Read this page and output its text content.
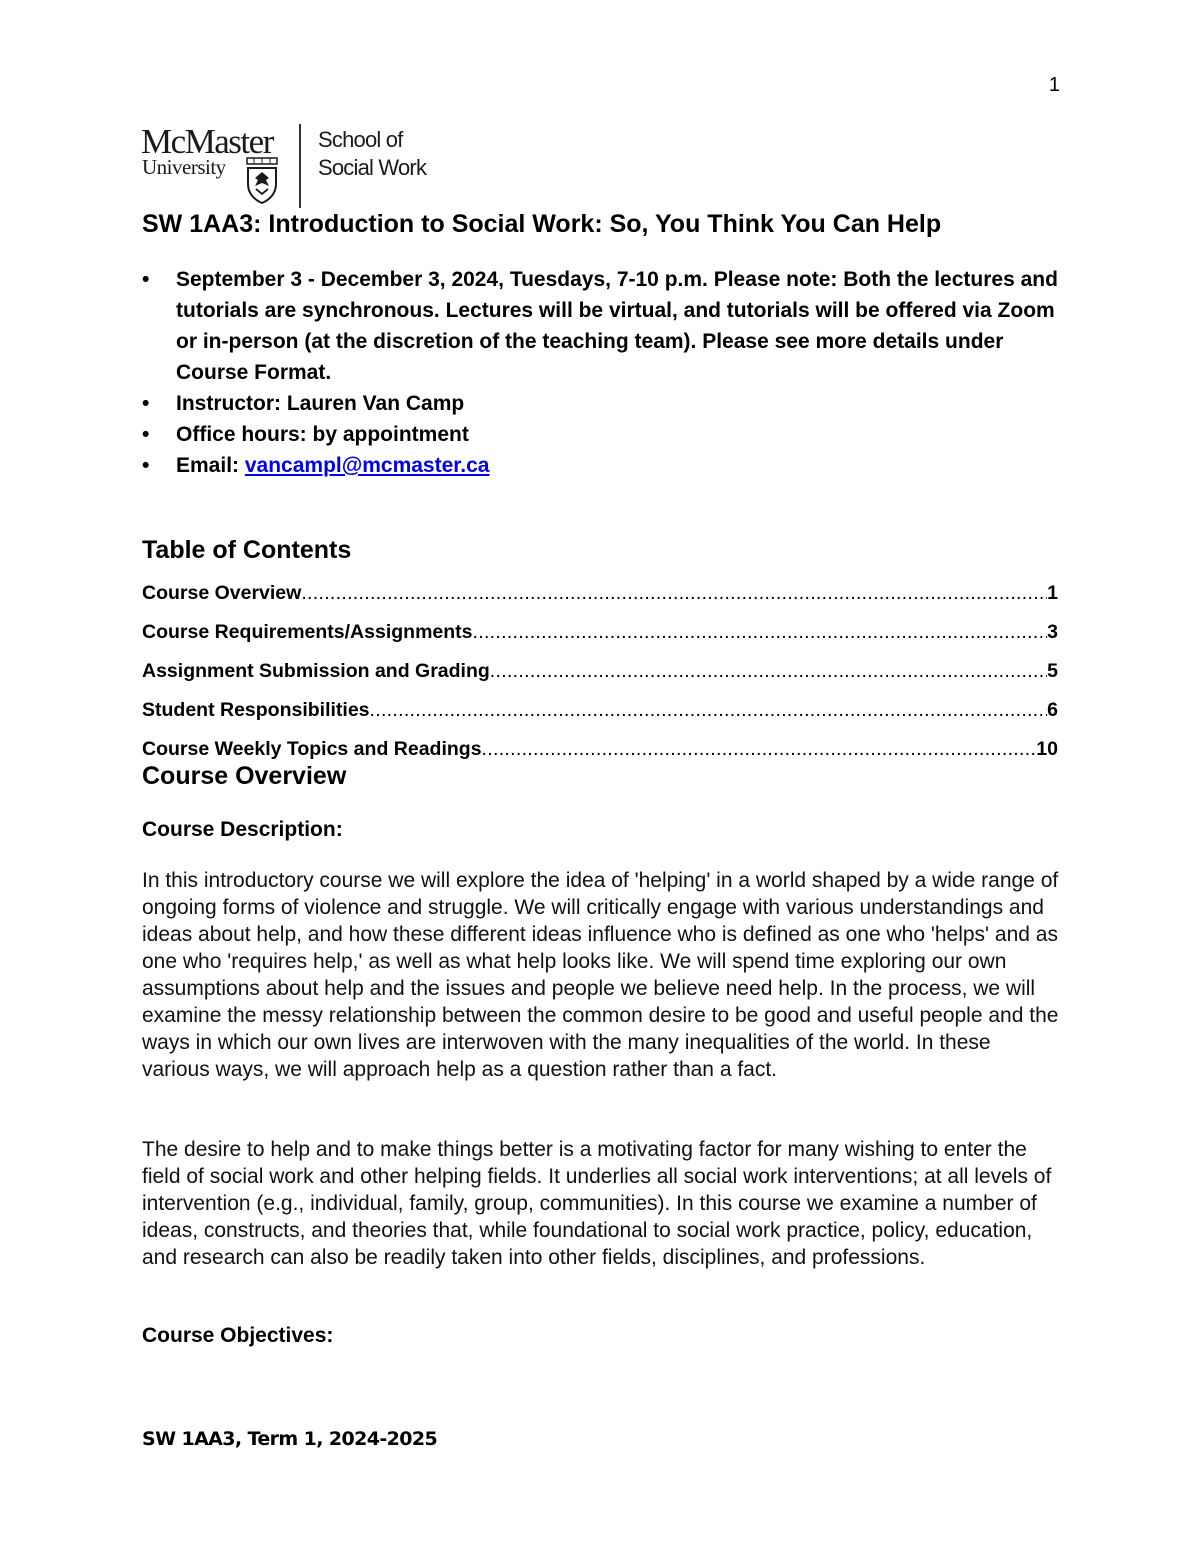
1
McMaster
University
School of
Social Work
SW 1AA3: Introduction to Social Work: So, You Think You Can Help
•	September 3 - December 3, 2024, Tuesdays, 7-10 p.m. Please note: Both the lectures and tutorials are synchronous. Lectures will be virtual, and tutorials will be offered via Zoom or in-person (at the discretion of the teaching team). Please see more details under Course Format.
•	Instructor: Lauren Van Camp
•	Office hours: by appointment
•	Email: vancampl@mcmaster.ca
Table of Contents
Course Overview .....	1
Course Requirements/Assignments .....	3
Assignment Submission and Grading .....	5
Student Responsibilities .....	6
Course Weekly Topics and Readings .....	10
Course Overview
Course Description:

In this introductory course we will explore the idea of 'helping' in a world shaped by a wide range of ongoing forms of violence and struggle. We will critically engage with various understandings and ideas about help, and how these different ideas influence who is defined as one who 'helps' and as one who 'requires help,' as well as what help looks like. We will spend time exploring our own assumptions about help and the issues and people we believe need help. In the process, we will examine the messy relationship between the common desire to be good and useful people and the ways in which our own lives are interwoven with the many inequalities of the world. In these various ways, we will approach help as a question rather than a fact.

The desire to help and to make things better is a motivating factor for many wishing to enter the field of social work and other helping fields. It underlies all social work interventions; at all levels of intervention (e.g., individual, family, group, communities). In this course we examine a number of ideas, constructs, and theories that, while foundational to social work practice, policy, education, and research can also be readily taken into other fields, disciplines, and professions.

Course Objectives:
SW 1AA3, Term 1, 2024-2025
